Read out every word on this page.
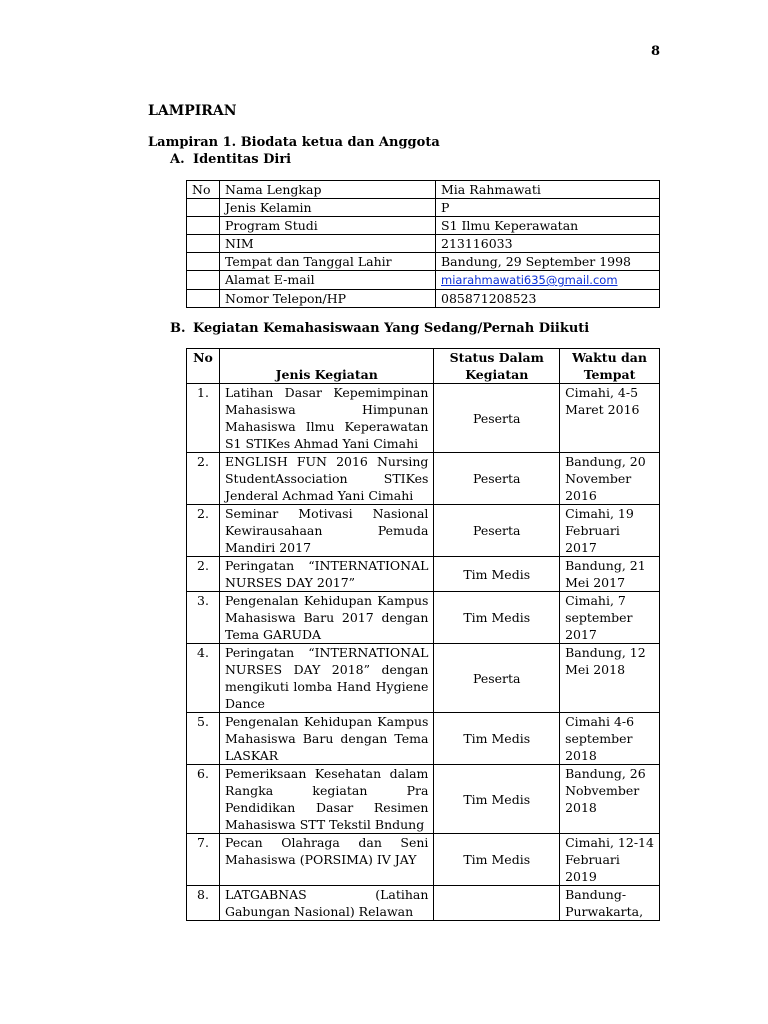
8
LAMPIRAN
Lampiran 1. Biodata ketua dan Anggota
A. Identitas Diri
No	Nama Lengkap	Mia Rahmawati
	Jenis Kelamin	P
	Program Studi	S1 Ilmu Keperawatan
	NIM	213116033
	Tempat dan Tanggal Lahir	Bandung, 29 September 1998
	Alamat E-mail	miarahmawati635@gmail.com
	Nomor Telepon/HP	085871208523
B. Kegiatan Kemahasiswaan Yang Sedang/Pernah Diikuti
No	Jenis Kegiatan	Status Dalam Kegiatan	Waktu dan Tempat
1.	Latihan Dasar Kepemimpinan Mahasiswa Himpunan Mahasiswa Ilmu Keperawatan S1 STIKes Ahmad Yani Cimahi	Peserta	Cimahi, 4-5 Maret 2016
2.	ENGLISH FUN 2016 Nursing StudentAssociation STIKes Jenderal Achmad Yani Cimahi	Peserta	Bandung, 20 November 2016
2.	Seminar Motivasi Nasional Kewirausahaan Pemuda Mandiri 2017	Peserta	Cimahi, 19 Februari 2017
2.	Peringatan “INTERNATIONAL NURSES DAY 2017”	Tim Medis	Bandung, 21 Mei 2017
3.	Pengenalan Kehidupan Kampus Mahasiswa Baru 2017 dengan Tema GARUDA	Tim Medis	Cimahi, 7 september 2017
4.	Peringatan “INTERNATIONAL NURSES DAY 2018” dengan mengikuti lomba Hand Hygiene Dance	Peserta	Bandung, 12 Mei 2018
5.	Pengenalan Kehidupan Kampus Mahasiswa Baru dengan Tema LASKAR	Tim Medis	Cimahi 4-6 september 2018
6.	Pemeriksaan Kesehatan dalam Rangka kegiatan Pra Pendidikan Dasar Resimen Mahasiswa STT Tekstil Bndung	Tim Medis	Bandung, 26 Nobvember 2018
7.	Pecan Olahraga dan Seni Mahasiswa (PORSIMA) IV JAY	Tim Medis	Cimahi, 12-14 Februari 2019
8.	LATGABNAS (Latihan Gabungan Nasional) Relawan		Bandung-Purwakarta,
